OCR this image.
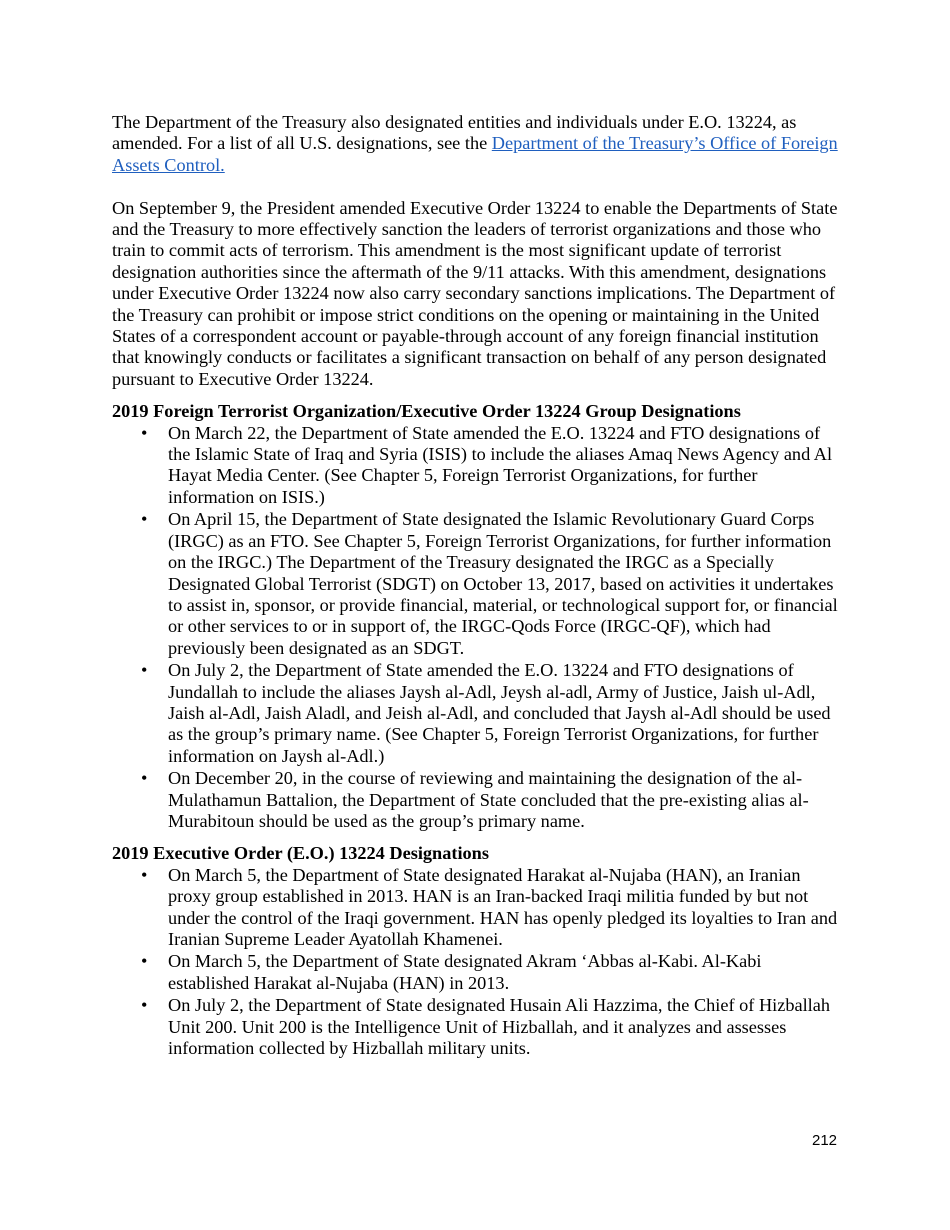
The Department of the Treasury also designated entities and individuals under E.O. 13224, as amended. For a list of all U.S. designations, see the Department of the Treasury’s Office of Foreign Assets Control.

On September 9, the President amended Executive Order 13224 to enable the Departments of State and the Treasury to more effectively sanction the leaders of terrorist organizations and those who train to commit acts of terrorism. This amendment is the most significant update of terrorist designation authorities since the aftermath of the 9/11 attacks. With this amendment, designations under Executive Order 13224 now also carry secondary sanctions implications. The Department of the Treasury can prohibit or impose strict conditions on the opening or maintaining in the United States of a correspondent account or payable-through account of any foreign financial institution that knowingly conducts or facilitates a significant transaction on behalf of any person designated pursuant to Executive Order 13224.

2019 Foreign Terrorist Organization/Executive Order 13224 Group Designations
• On March 22, the Department of State amended the E.O. 13224 and FTO designations of the Islamic State of Iraq and Syria (ISIS) to include the aliases Amaq News Agency and Al Hayat Media Center. (See Chapter 5, Foreign Terrorist Organizations, for further information on ISIS.)
• On April 15, the Department of State designated the Islamic Revolutionary Guard Corps (IRGC) as an FTO. See Chapter 5, Foreign Terrorist Organizations, for further information on the IRGC.) The Department of the Treasury designated the IRGC as a Specially Designated Global Terrorist (SDGT) on October 13, 2017, based on activities it undertakes to assist in, sponsor, or provide financial, material, or technological support for, or financial or other services to or in support of, the IRGC-Qods Force (IRGC-QF), which had previously been designated as an SDGT.
• On July 2, the Department of State amended the E.O. 13224 and FTO designations of Jundallah to include the aliases Jaysh al-Adl, Jeysh al-adl, Army of Justice, Jaish ul-Adl, Jaish al-Adl, Jaish Aladl, and Jeish al-Adl, and concluded that Jaysh al-Adl should be used as the group’s primary name. (See Chapter 5, Foreign Terrorist Organizations, for further information on Jaysh al-Adl.)
• On December 20, in the course of reviewing and maintaining the designation of the al-Mulathamun Battalion, the Department of State concluded that the pre-existing alias al-Murabitoun should be used as the group’s primary name.
2019 Executive Order (E.O.) 13224 Designations
• On March 5, the Department of State designated Harakat al-Nujaba (HAN), an Iranian proxy group established in 2013. HAN is an Iran-backed Iraqi militia funded by but not under the control of the Iraqi government. HAN has openly pledged its loyalties to Iran and Iranian Supreme Leader Ayatollah Khamenei.
• On March 5, the Department of State designated Akram ‘Abbas al-Kabi. Al-Kabi established Harakat al-Nujaba (HAN) in 2013.
• On July 2, the Department of State designated Husain Ali Hazzima, the Chief of Hizballah Unit 200. Unit 200 is the Intelligence Unit of Hizballah, and it analyzes and assesses information collected by Hizballah military units.
212
